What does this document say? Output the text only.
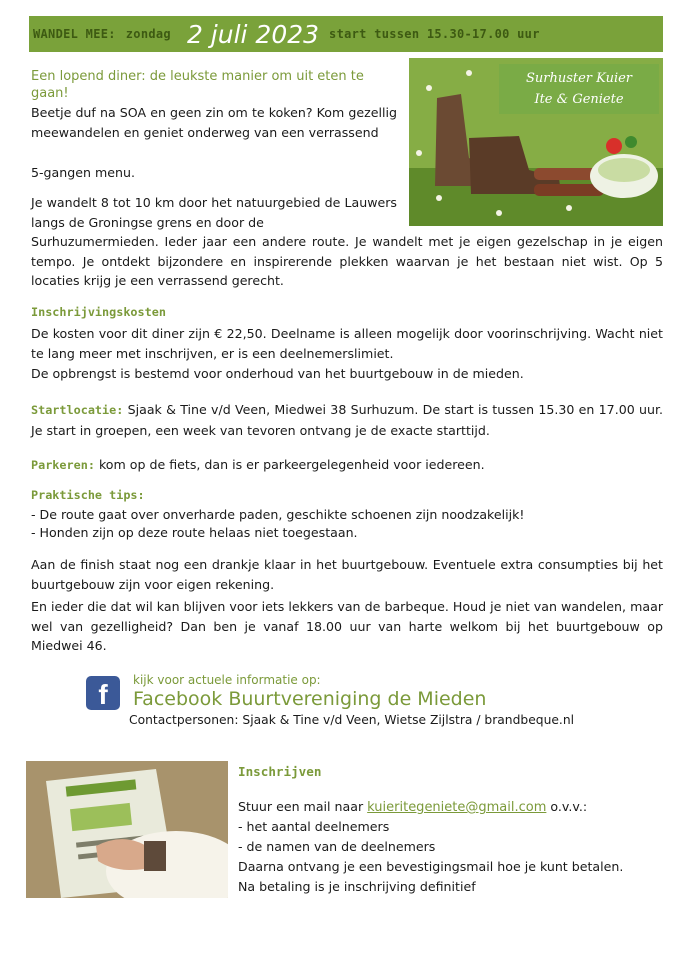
WANDEL MEE: zondag 2 juli 2023 start tussen 15.30-17.00 uur
Surhuster Kuier
Ite & Geniete
Een lopend diner: de leukste manier om uit eten te gaan!
Beetje duf na SOA en geen zin om te koken? Kom gezellig meewandelen en geniet onderweg van een verrassend
5-gangen menu.
Je wandelt 8 tot 10 km door het natuurgebied de Lauwers langs de Groningse grens en door de
Surhuzumermieden. Ieder jaar een andere route. Je wandelt met je eigen gezelschap in je eigen tempo. Je ontdekt bijzondere en inspirerende plekken waarvan je het bestaan niet wist. Op 5 locaties krijg je een verrassend gerecht.
Inschrijvingskosten
De kosten voor dit diner zijn € 22,50. Deelname is alleen mogelijk door voorinschrijving. Wacht niet te lang meer met inschrijven, er is een deelnemerslimiet.
De opbrengst is bestemd voor onderhoud van het buurtgebouw in de mieden.
Startlocatie: Sjaak & Tine v/d Veen, Miedwei 38 Surhuzum. De start is tussen 15.30 en 17.00 uur. Je start in groepen, een week van tevoren ontvang je de exacte starttijd.
Parkeren: kom op de fiets, dan is er parkeergelegenheid voor iedereen.
Praktische tips:
- De route gaat over onverharde paden, geschikte schoenen zijn noodzakelijk!
- Honden zijn op deze route helaas niet toegestaan.
Aan de finish staat nog een drankje klaar in het buurtgebouw. Eventuele extra consumpties bij het buurtgebouw zijn voor eigen rekening.
En ieder die dat wil kan blijven voor iets lekkers van de barbeque. Houd je niet van wandelen, maar wel van gezelligheid? Dan ben je vanaf 18.00 uur van harte welkom bij het buurtgebouw op Miedwei 46.
f	kijk voor actuele informatie op:
Facebook Buurtvereniging de Mieden
Contactpersonen: Sjaak & Tine v/d Veen, Wietse Zijlstra / brandbeque.nl
Inschrijven
Stuur een mail naar kuieritegeniete@gmail.com o.v.v.:
- het aantal deelnemers
- de namen van de deelnemers
Daarna ontvang je een bevestigingsmail hoe je kunt betalen.
Na betaling is je inschrijving definitief
